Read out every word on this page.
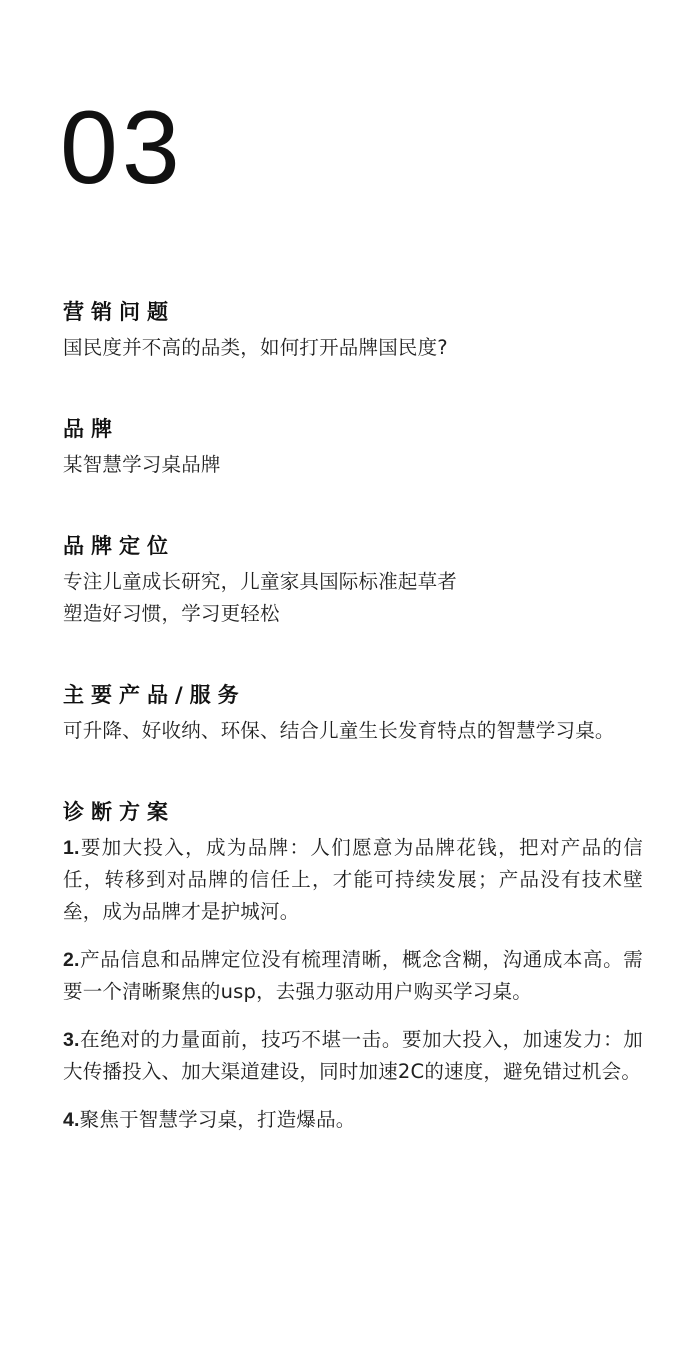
03
营销问题

国民度并不高的品类，如何打开品牌国民度?

品牌

某智慧学习桌品牌

品牌定位

专注儿童成长研究，儿童家具国际标准起草者

塑造好习惯，学习更轻松

主要产品/服务

可升降、好收纳、环保、结合儿童生长发育特点的智慧学习桌。

诊断方案

1.要加大投入，成为品牌：人们愿意为品牌花钱，把对产品的信任，转移到对品牌的信任上，才能可持续发展；产品没有技术壁垒，成为品牌才是护城河。

2.产品信息和品牌定位没有梳理清晰，概念含糊，沟通成本高。需要一个清晰聚焦的usp，去强力驱动用户购买学习桌。

3.在绝对的力量面前，技巧不堪一击。要加大投入，加速发力：加大传播投入、加大渠道建设，同时加速2C的速度，避免错过机会。

4.聚焦于智慧学习桌，打造爆品。
